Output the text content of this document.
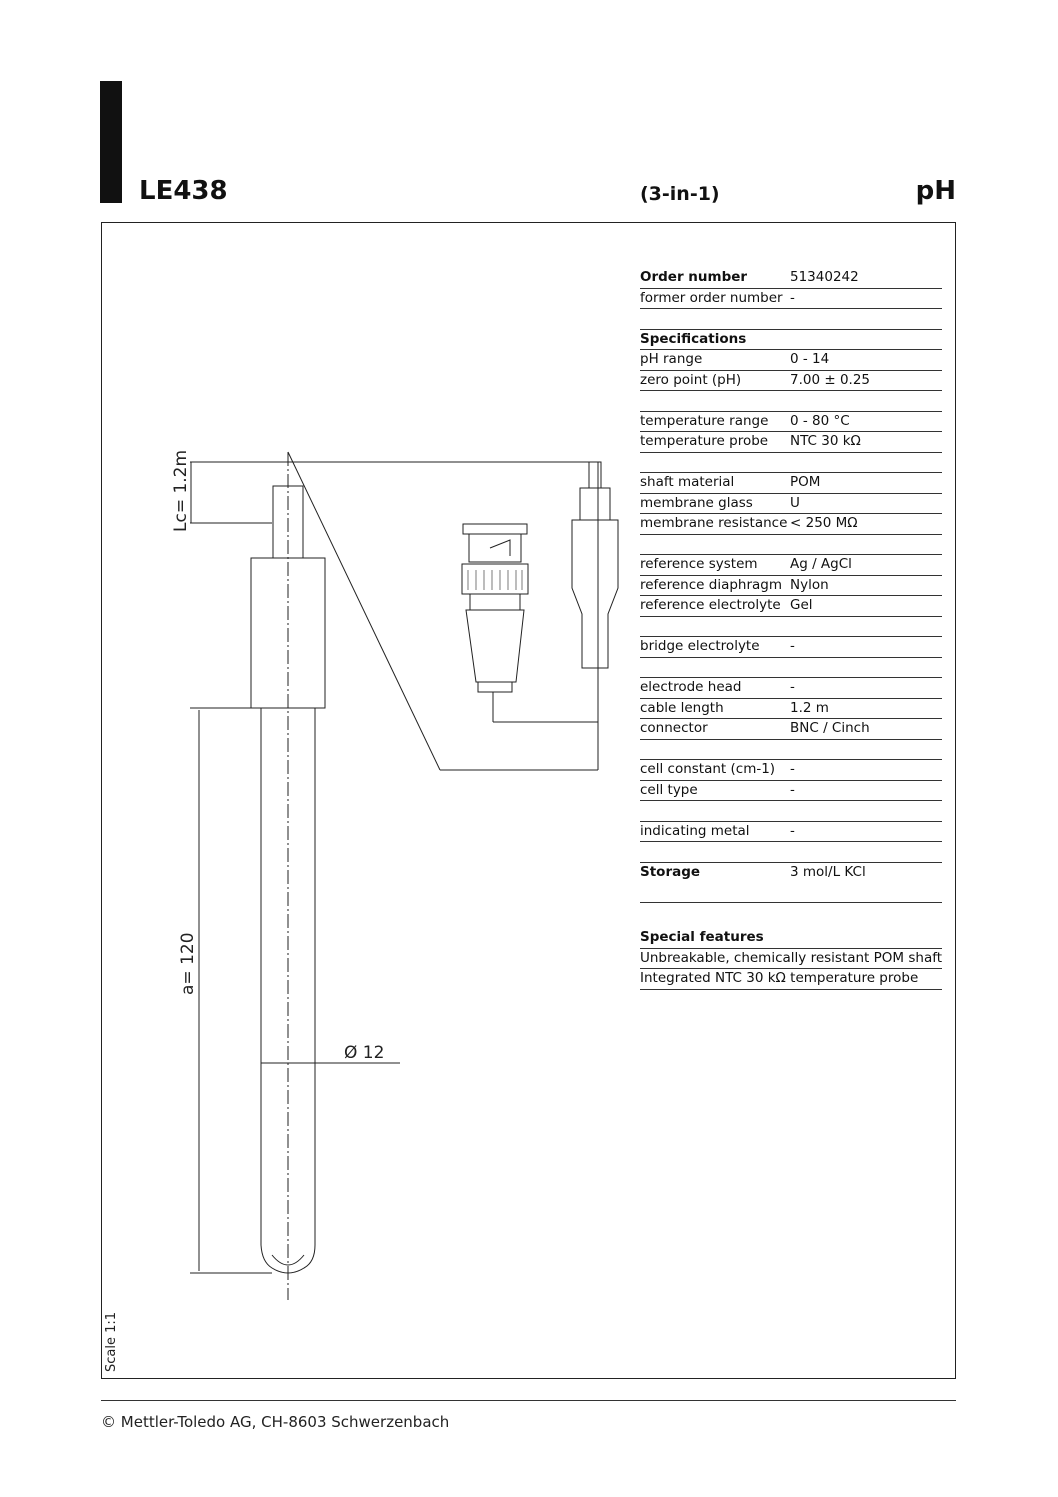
LE438	(3-in-1)	pH
Lc= 1.2m
a= 120
Ø 12
Scale 1:1
Order number	51340242
former order number -
Specifications
pH range	0 - 14
zero point (pH)	7.00 ± 0.25
temperature range 0 - 80 °C
temperature probe NTC 30 kΩ
shaft material	POM
membrane glass	U
membrane resistance < 250 MΩ
reference system Ag / AgCl
reference diaphragm Nylon
reference electrolyte Gel
bridge electrolyte -
electrode head	-
cable length	1.2 m
connector	BNC / Cinch
cell constant (cm-1) -
cell type	-
indicating metal	-
Storage	3 mol/L KCl
Special features
Unbreakable, chemically resistant POM shaft
Integrated NTC 30 kΩ temperature probe
© Mettler-Toledo AG, CH-8603 Schwerzenbach
